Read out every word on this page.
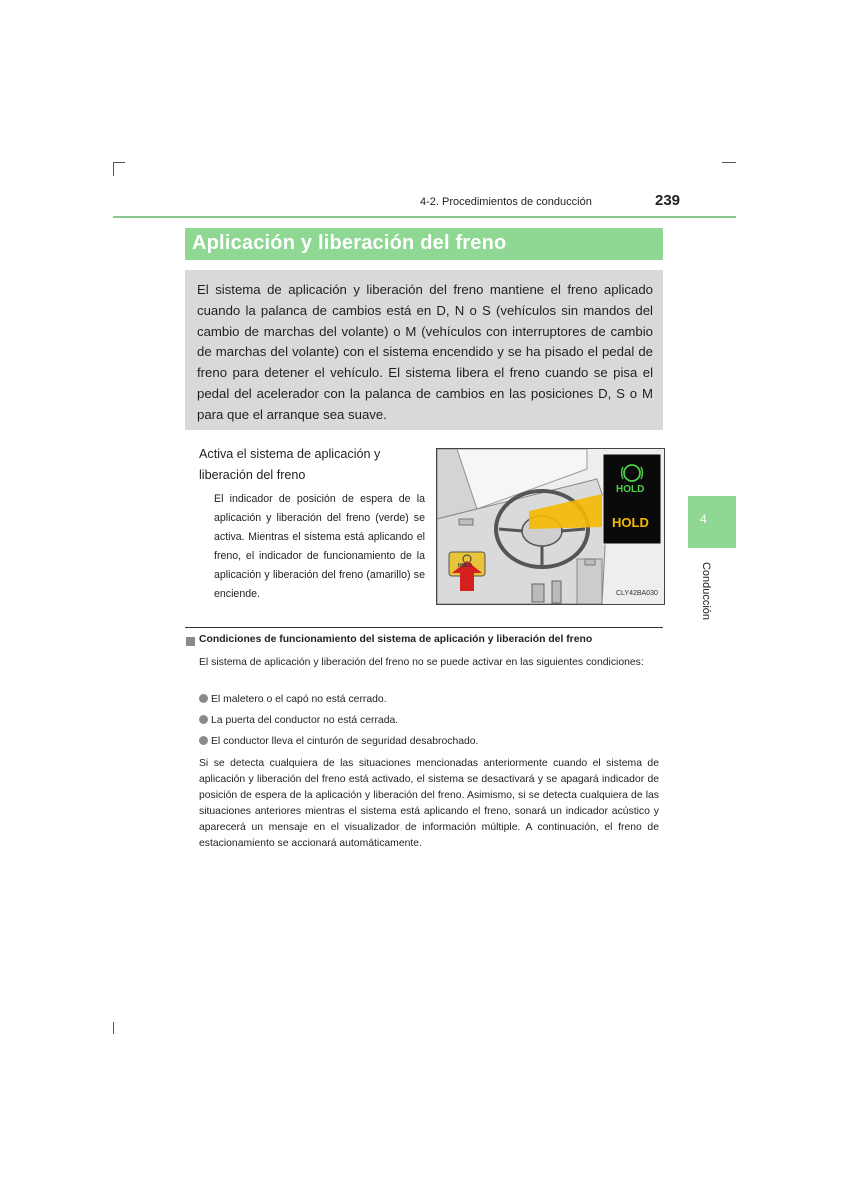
4-2. Procedimientos de conducción	239
Aplicación y liberación del freno
El sistema de aplicación y liberación del freno mantiene el freno aplicado cuando la palanca de cambios está en D, N o S (vehículos sin mandos del cambio de marchas del volante) o M (vehículos con interruptores de cambio de marchas del volante) con el sistema encendido y se ha pisado el pedal de freno para detener el vehículo. El sistema libera el freno cuando se pisa el pedal del acelerador con la palanca de cambios en las posiciones D, S o M para que el arranque sea suave.
Activa el sistema de aplicación y liberación del freno
El indicador de posición de espera de la aplicación y liberación del freno (verde) se activa. Mientras el sistema está aplicando el freno, el indicador de funcionamiento de la aplicación y liberación del freno (amarillo) se enciende.
HOLD
HOLD
HOLD
CLY42BA030
4
Conducción
Condiciones de funcionamiento del sistema de aplicación y liberación del freno
El sistema de aplicación y liberación del freno no se puede activar en las siguientes condiciones:
El maletero o el capó no está cerrado.
La puerta del conductor no está cerrada.
El conductor lleva el cinturón de seguridad desabrochado.
Si se detecta cualquiera de las situaciones mencionadas anteriormente cuando el sistema de aplicación y liberación del freno está activado, el sistema se desactivará y se apagará indicador de posición de espera de la aplicación y liberación del freno. Asimismo, si se detecta cualquiera de las situaciones anteriores mientras el sistema está aplicando el freno, sonará un indicador acústico y aparecerá un mensaje en el visualizador de información múltiple. A continuación, el freno de estacionamiento se accionará automáticamente.
